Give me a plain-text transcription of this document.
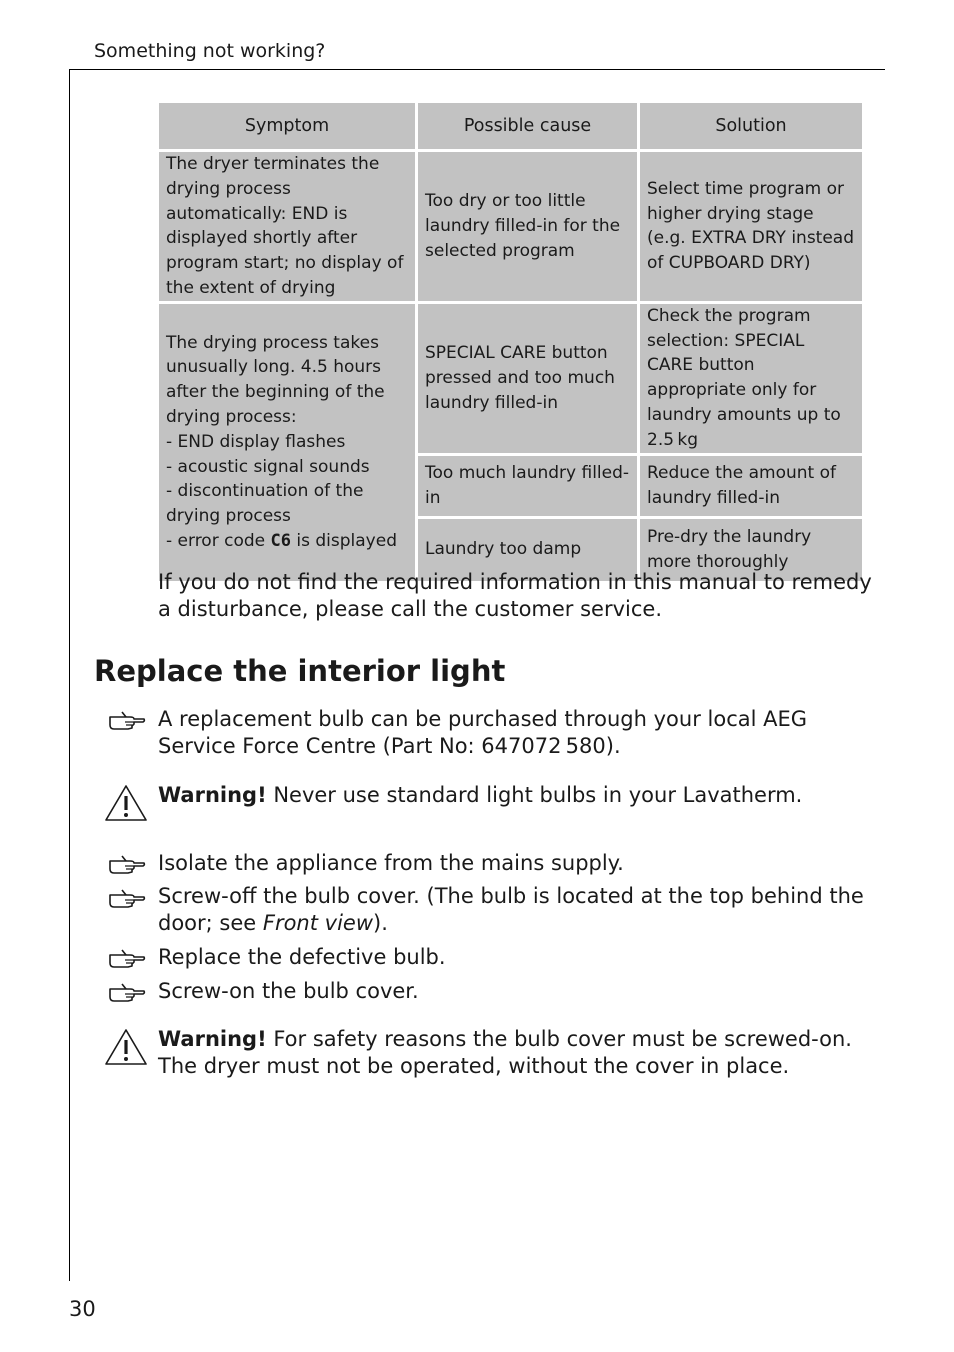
Something not working?
Symptom	Possible cause	Solution
The dryer terminates the drying process automatically: END is displayed shortly after program start; no display of the extent of drying	Too dry or too little laundry filled-in for the selected program	Select time program or higher drying stage (e.g. EXTRA DRY instead of CUPBOARD DRY)
The drying process takes unusually long. 4.5 hours after the beginning of the drying process:
- END display flashes
- acoustic signal sounds
- discontinuation of the drying process
- error code C6 is displayed	SPECIAL CARE button pressed and too much laundry filled-in	Check the program selection: SPECIAL CARE button appropriate only for laundry amounts up to 2.5 kg
	Too much laundry filled-in	Reduce the amount of laundry filled-in
	Laundry too damp	Pre-dry the laundry more thoroughly
If you do not find the required information in this manual to remedy a disturbance, please call the customer service.
Replace the interior light
A replacement bulb can be purchased through your local AEG Service Force Centre (Part No: 647072 580).
Warning! Never use standard light bulbs in your Lavatherm.
Isolate the appliance from the mains supply.
Screw-off the bulb cover. (The bulb is located at the top behind the door; see Front view).
Replace the defective bulb.
Screw-on the bulb cover.
Warning! For safety reasons the bulb cover must be screwed-on. The dryer must not be operated, without the cover in place.
30
